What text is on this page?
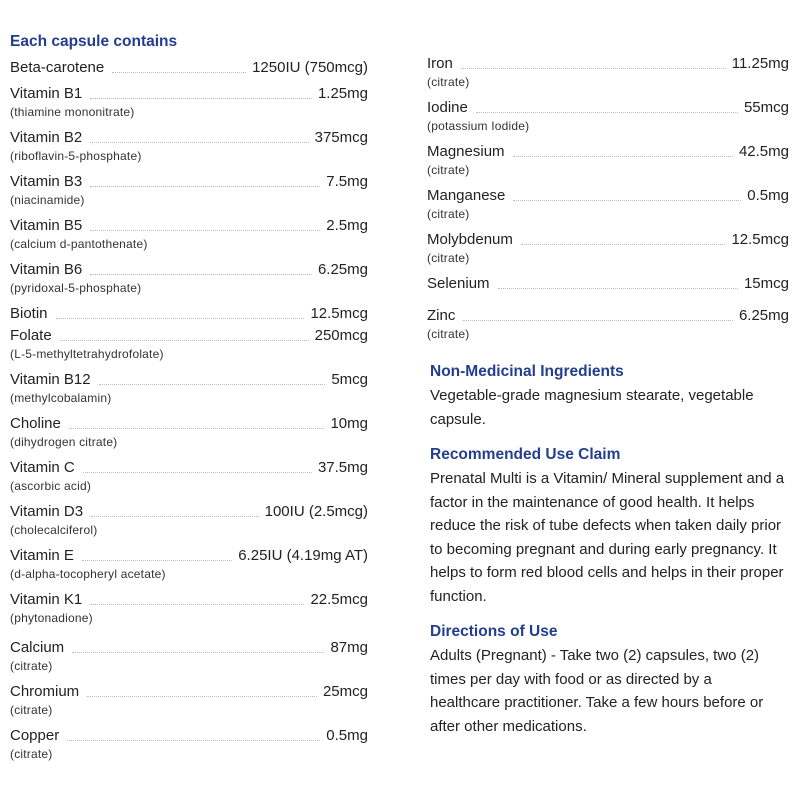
Each capsule contains
Beta-carotene	1250IU (750mcg)
Vitamin B1	1.25mg
(thiamine mononitrate)
Vitamin B2	375mcg
(riboflavin-5-phosphate)
Vitamin B3	7.5mg
(niacinamide)
Vitamin B5	2.5mg
(calcium d-pantothenate)
Vitamin B6	6.25mg
(pyridoxal-5-phosphate)
Biotin	12.5mcg
Folate	250mcg
(L-5-methyltetrahydrofolate)
Vitamin B12	5mcg
(methylcobalamin)
Choline	10mg
(dihydrogen citrate)
Vitamin C	37.5mg
(ascorbic acid)
Vitamin D3	100IU (2.5mcg)
(cholecalciferol)
Vitamin E	6.25IU (4.19mg AT)
(d-alpha-tocopheryl acetate)
Vitamin K1	22.5mcg
(phytonadione)
Calcium	87mg
(citrate)
Chromium	25mcg
(citrate)
Copper	0.5mg
(citrate)
Iron	11.25mg
(citrate)
Iodine	55mcg
(potassium Iodide)
Magnesium	42.5mg
(citrate)
Manganese	0.5mg
(citrate)
Molybdenum	12.5mcg
(citrate)
Selenium	15mcg
Zinc	6.25mg
(citrate)
Non-Medicinal Ingredients
Vegetable-grade magnesium stearate, vegetable capsule.
Recommended Use Claim
Prenatal Multi is a Vitamin/ Mineral supplement and a factor in the maintenance of good health. It helps reduce the risk of tube defects when taken daily prior to becoming pregnant and during early pregnancy. It helps to form red blood cells and helps in their proper function.
Directions of Use
Adults (Pregnant) - Take two (2) capsules, two (2) times per day with food or as directed by a healthcare practitioner. Take a few hours before or after other medications.
